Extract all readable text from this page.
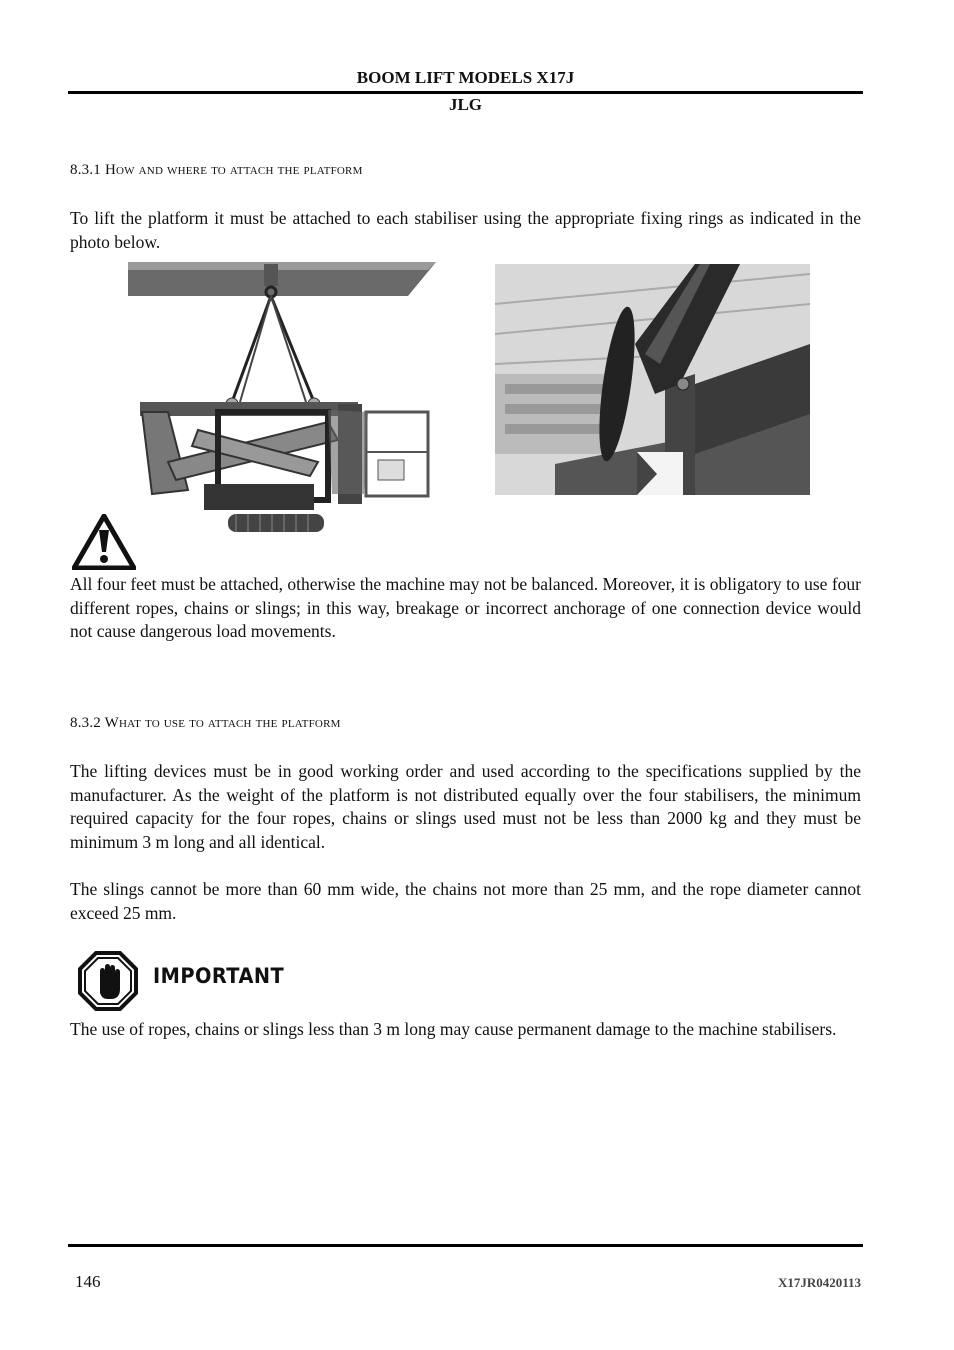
BOOM LIFT MODELS X17J
JLG
8.3.1 How and where to attach the platform
To lift the platform it must be attached to each stabiliser using the appropriate fixing rings as indicated in the photo below.
All four feet must be attached, otherwise the machine may not be balanced. Moreover, it is obligatory to use four different ropes, chains or slings; in this way, breakage or incorrect anchorage of one connection device would not cause dangerous load movements.
8.3.2 What to use to attach the platform
The lifting devices must be in good working order and used according to the specifications supplied by the manufacturer. As the weight of the platform is not distributed equally over the four stabilisers, the minimum required capacity for the four ropes, chains or slings used must not be less than 2000 kg and they must be minimum 3 m long and all identical.
The slings cannot be more than 60 mm wide, the chains not more than 25 mm, and the rope diameter cannot exceed 25 mm.
IMPORTANT
The use of ropes, chains or slings less than 3 m long may cause permanent damage to the machine stabilisers.
146	X17JR0420113
